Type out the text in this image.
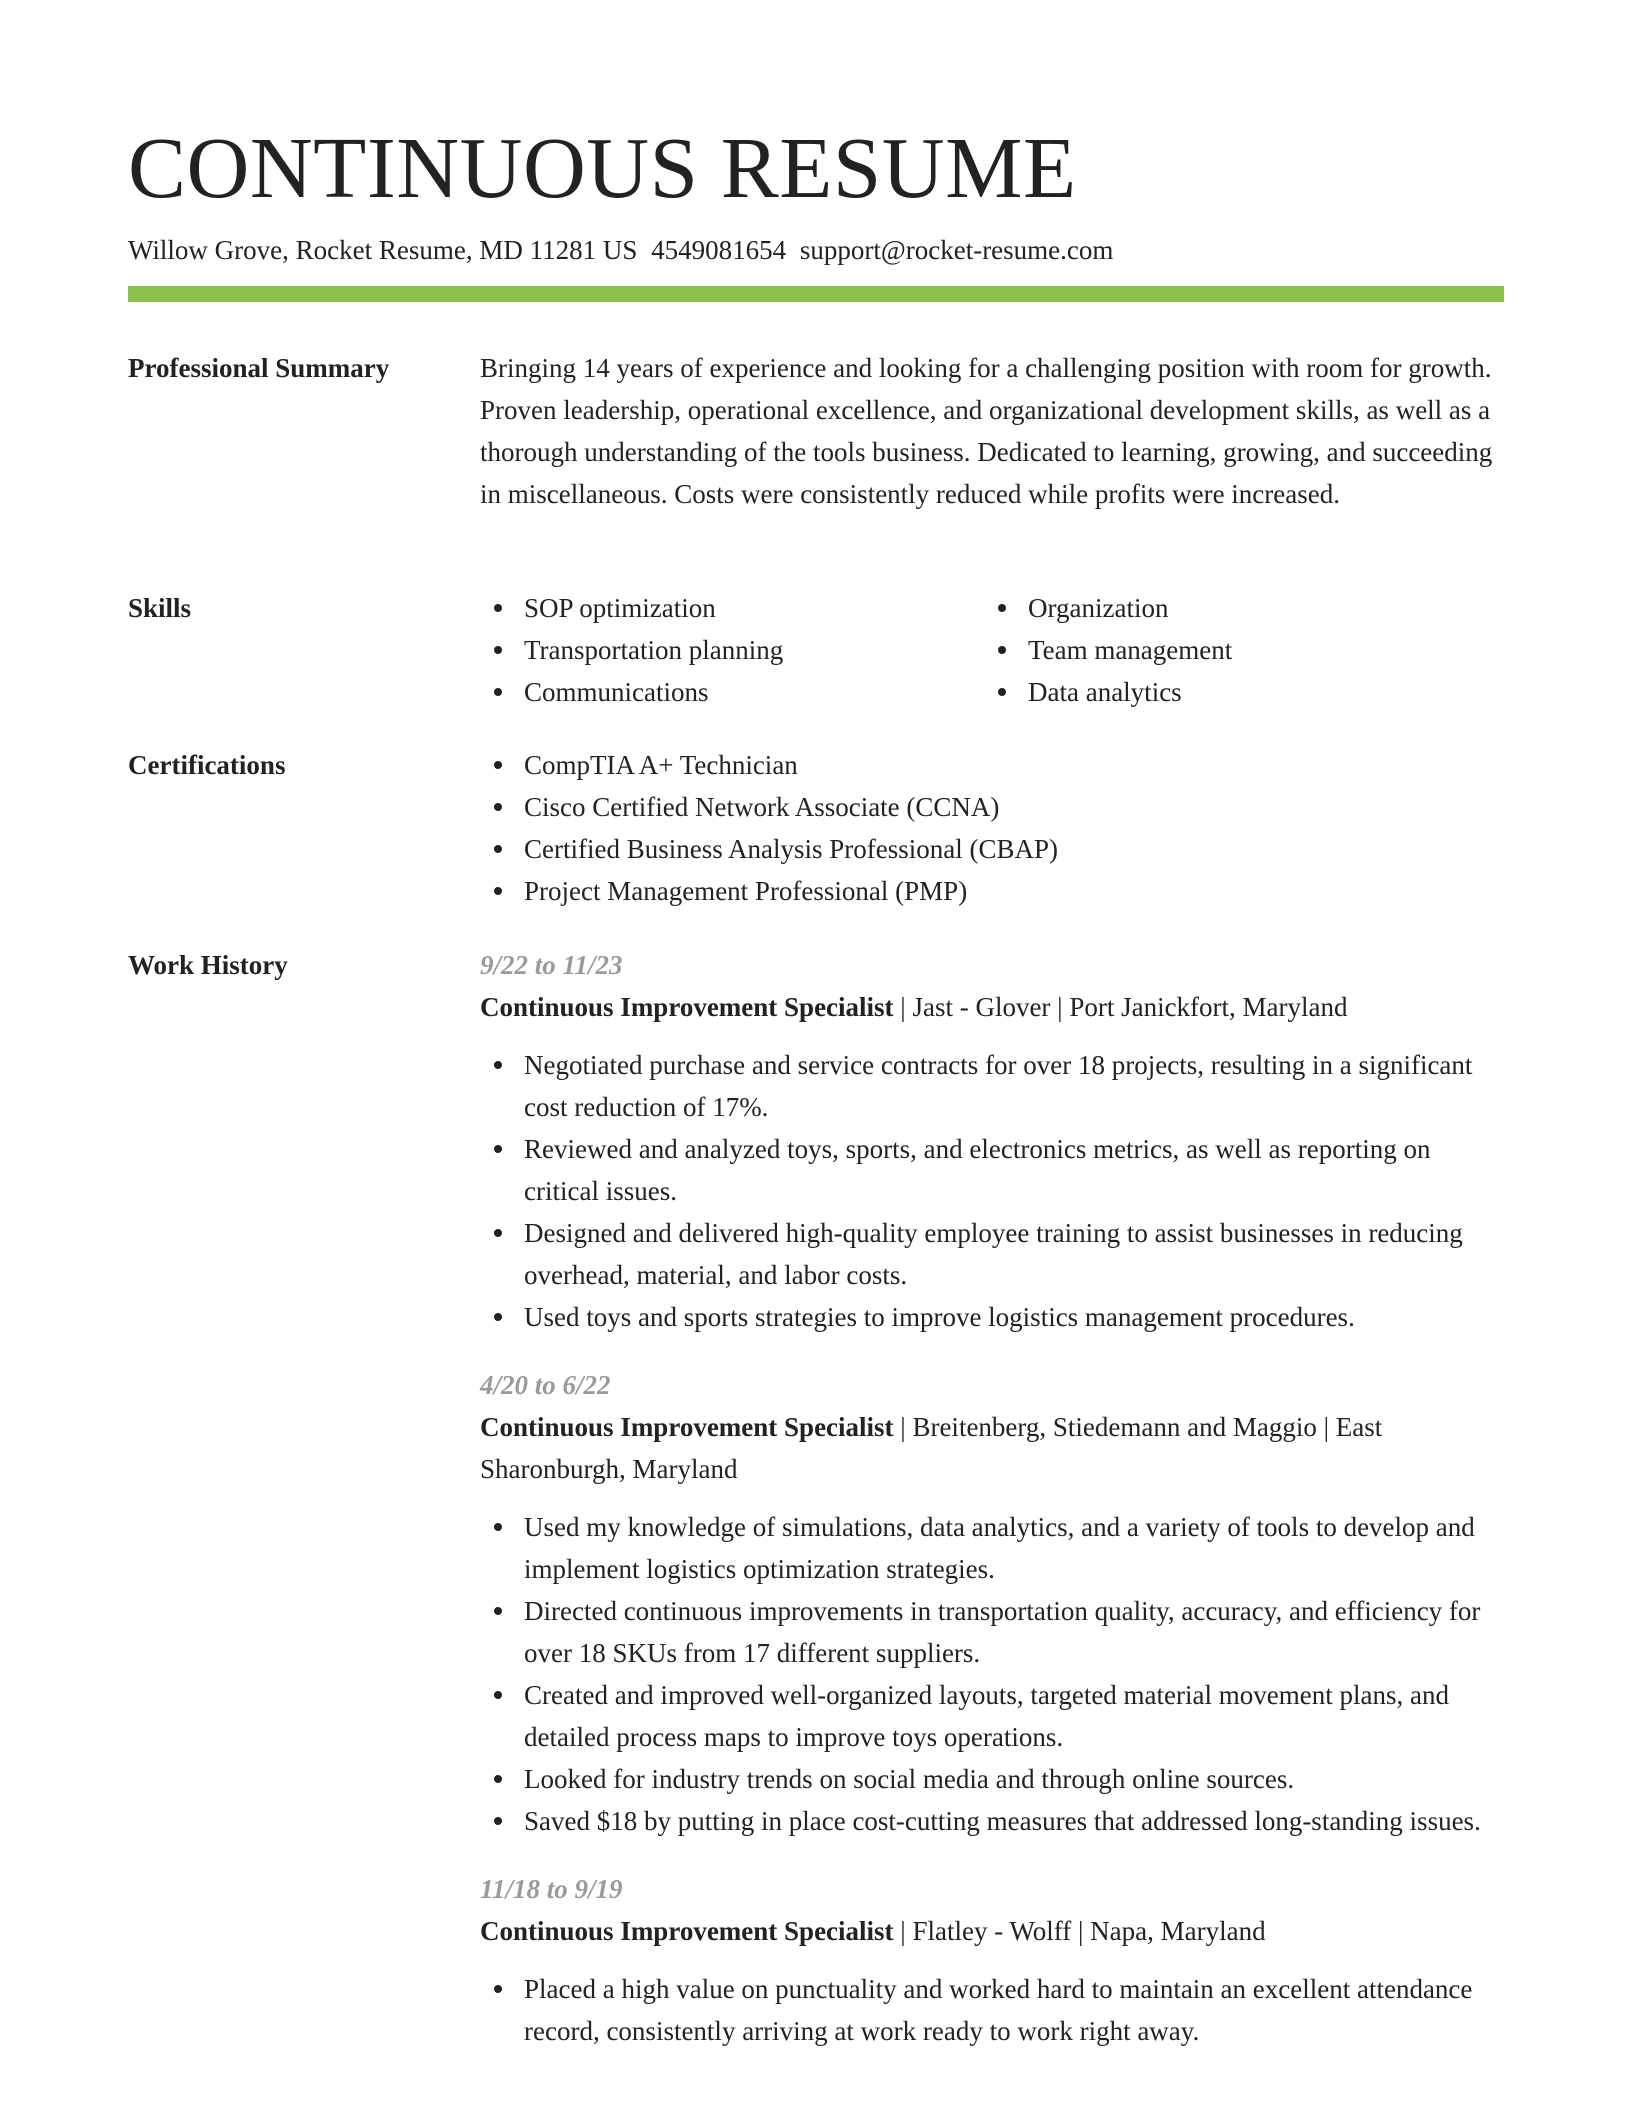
CONTINUOUS RESUME
Willow Grove, Rocket Resume, MD 11281 US 4549081654 support@rocket-resume.com
Professional Summary	Bringing 14 years of experience and looking for a challenging position with room for growth. Proven leadership, operational excellence, and organizational development skills, as well as a thorough understanding of the tools business. Dedicated to learning, growing, and succeeding in miscellaneous. Costs were consistently reduced while profits were increased.

Skills	SOP optimization
Transportation planning
Communications
Organization
Team management
Data analytics
Certifications	CompTIA A+ Technician
Cisco Certified Network Associate (CCNA)
Certified Business Analysis Professional (CBAP)
Project Management Professional (PMP)
Work History	9/22 to 11/23
Continuous Improvement Specialist | Jast - Glover | Port Janickfort, Maryland
Negotiated purchase and service contracts for over 18 projects, resulting in a significant cost reduction of 17%.
Reviewed and analyzed toys, sports, and electronics metrics, as well as reporting on critical issues.
Designed and delivered high-quality employee training to assist businesses in reducing overhead, material, and labor costs.
Used toys and sports strategies to improve logistics management procedures.
4/20 to 6/22
Continuous Improvement Specialist | Breitenberg, Stiedemann and Maggio | East Sharonburgh, Maryland
Used my knowledge of simulations, data analytics, and a variety of tools to develop and implement logistics optimization strategies.
Directed continuous improvements in transportation quality, accuracy, and efficiency for over 18 SKUs from 17 different suppliers.
Created and improved well-organized layouts, targeted material movement plans, and detailed process maps to improve toys operations.
Looked for industry trends on social media and through online sources.
Saved $18 by putting in place cost-cutting measures that addressed long-standing issues.
11/18 to 9/19
Continuous Improvement Specialist | Flatley - Wolff | Napa, Maryland
Placed a high value on punctuality and worked hard to maintain an excellent attendance record, consistently arriving at work ready to work right away.
